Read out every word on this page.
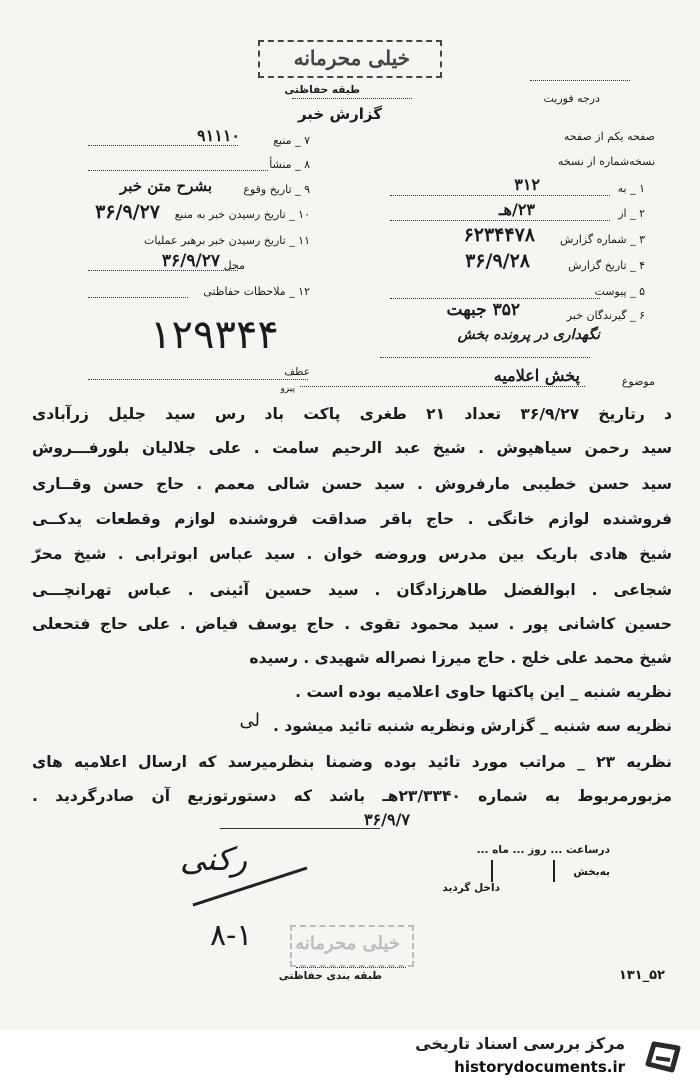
خیلی محرمانه
طبقه حفاظتی
درجه فوریت
گزارش خبر
صفحه یکم از صفحه
نسخه‌شماره از نسخه
۱ _ به
۳۱۲
۲ _ از
۲۳/هـ
۳ _ شماره گزارش
۶۲۳۴۴۷۸
۴ _ تاریخ گزارش
۳۶/۹/۲۸
۵ _ پیوست
۶ _ گیرندگان خبر
۳۵۲ جبهت
نگهداری در پرونده بخش
۷ _ منبع
۹۱۱۱۰
۸ _ منشأ
۹ _ تاریخ وقوع
بشرح متن خبر
۱۰ _ تاریخ رسیدن خبر به منبع
۳۶/۹/۲۷
۱۱ _ تاریخ رسیدن خبر برهبر عملیات
محل
۳۶/۹/۲۷
۱۲ _ ملاحظات حفاظتی
۱۲۹۳۴۴
عطف
پیرو
موضوع
پخش اعلامیه
د رتاریخ ۳۶/۹/۲۷ تعداد ۲۱ طغری پاکت باد رس سید جلیل زرآبادی
سید رحمن سیاهپوش . شیخ عبد الرحیم سامت . علی جلالیان بلورفـــروش
سید حسن خطیبی مارفروش . سید حسن شالی معمم . حاج حسن وقــاری
فروشنده لوازم خانگی . حاج باقر صداقت فروشنده لوازم وقطعات یدکــی
شیخ هادی باریک بین مدرس وروضه خوان . سید عباس ابوترابی . شیخ محرّ
شجاعی . ابوالفضل طاهرزادگان . سید حسین آئینی . عباس تهرانچـــی
حسین کاشانی پور . سید محمود تقوی . حاج یوسف فیاض . علی حاج فتحعلی
شیخ محمد علی خلج . حاج میرزا نصراله شهیدی . رسیده
نظریه شنبه _ این پاکتها حاوی اعلامیه بوده است .
نظریه سه شنبه _ گزارش ونظریه شنبه تائید میشود .
لی
نظریه ۲۳ _ مراتب مورد تائید بوده وضمنا بنظرمیرسد که ارسال اعلامیه های
مزبورمربوط به شماره ۲۳/۳۳۴۰هـ باشد که دستورتوزیع آن صادرگردید .
۳۶/۹/۷
درساعت ... روز ... ماه ...
به‌بخش
داخل گردید
رکنی
۸-۱ خیلی محرمانه
طبقه بندی حفاظتی	۵۲_۱۳۱
مرکز بررسی اسناد تاریخی
historydocuments.ir
